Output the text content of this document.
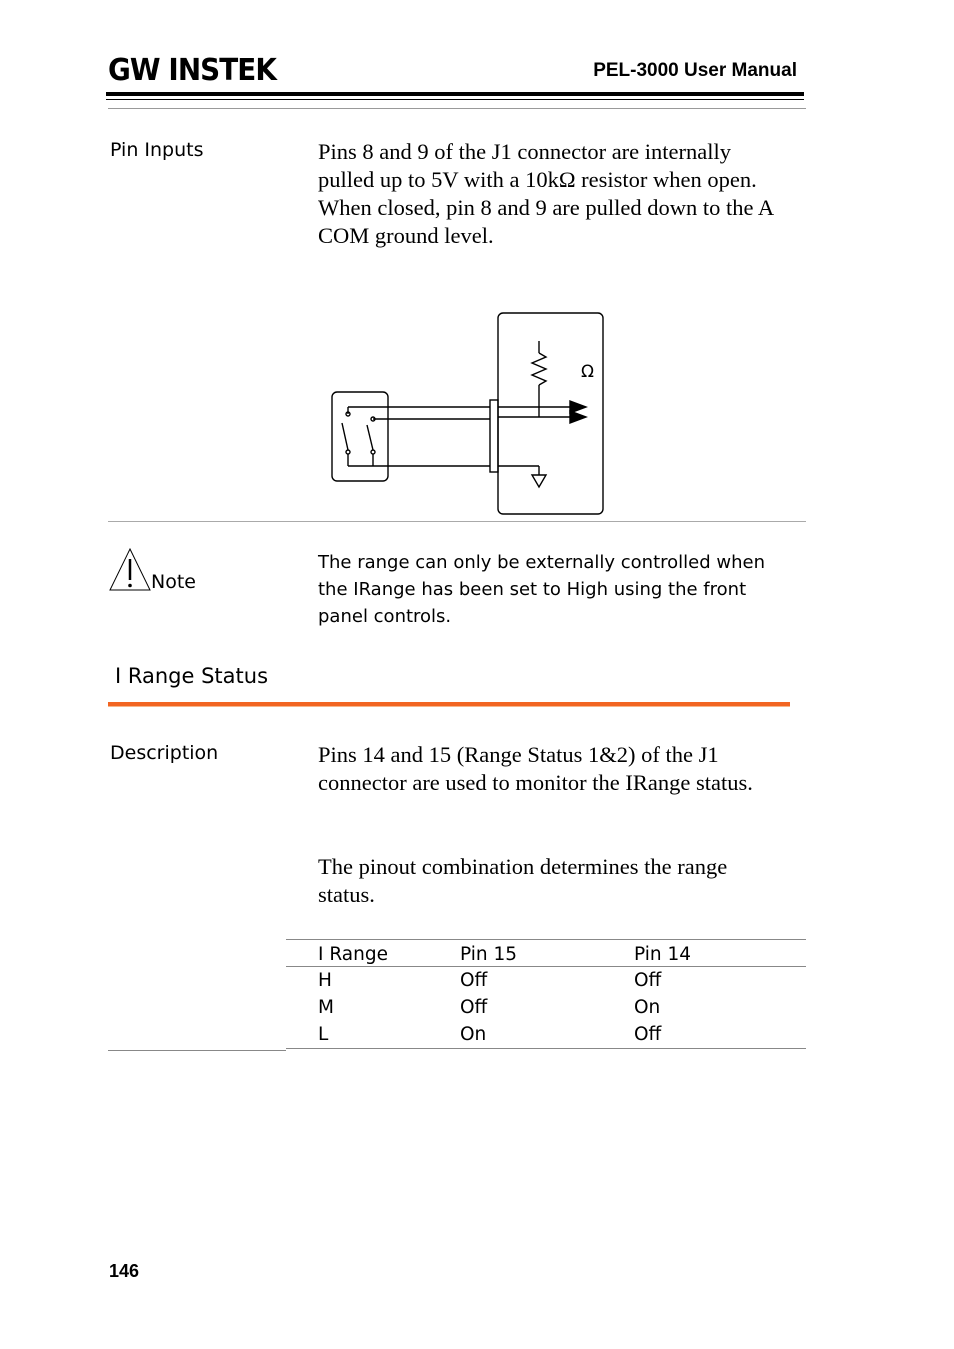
GW INSTEK	PEL-3000 User Manual
Pin Inputs	Pins 8 and 9 of the J1 connector are internally pulled up to 5V with a 10kΩ resistor when open. When closed, pin 8 and 9 are pulled down to the A COM ground level.
Ω
Note
The range can only be externally controlled when the IRange has been set to High using the front panel controls.
I Range Status
Description	Pins 14 and 15 (Range Status 1&2) of the J1 connector are used to monitor the IRange status.
The pinout combination determines the range status.
I Range	Pin 15	Pin 14
H	Off	Off
M	Off	On
L	On	Off
146
